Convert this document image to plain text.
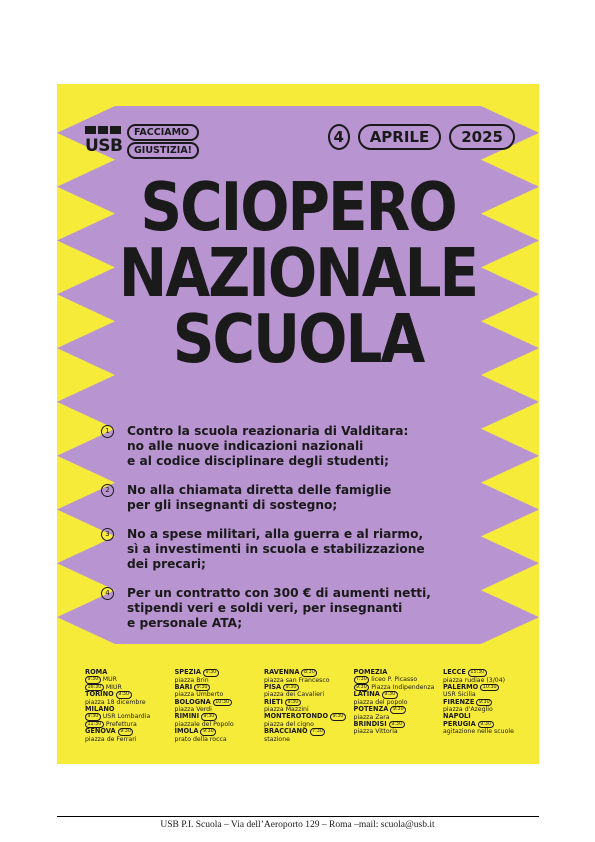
USB
FACCIAMO
GIUSTIZIA!
4	APRILE	2025
SCIOPERO
NAZIONALE
SCUOLA
1	Contro la scuola reazionaria di Valditara:
no alle nuove indicazioni nazionali
e al codice disciplinare degli studenti;
2	No alla chiamata diretta delle famiglie
per gli insegnanti di sostegno;
3	No a spese militari, alla guerra e al riarmo,
sì a investimenti in scuola e stabilizzazione
dei precari;
4	Per un contratto con 300 € di aumenti netti,
stipendi veri e soldi veri, per insegnanti
e personale ATA;
ROMA
9:30 MUR
16:30 MIUR
TORINO 9:30
piazza 18 dicembre
MILANO
9:30 USR Lombardia
11:30 Prefettura
GENOVA 9:30
piazza de Ferrari
SPEZIA 9:30
piazza Brin
BARI 9:30
piazza Umberto
BOLOGNA 10:30
piazza Verdi
RIMINI 9:30
piazzale del Popolo
IMOLA 9:30
prato della rocca
RAVENNA 8:30
piazza san Francesco
PISA 9:30
piazza dei Cavalieri
RIETI 9:30
piazza Mazzini
MONTEROTONDO 9:30
piazza del cigno
BRACCIANO 7:30
stazione
POMEZIA
7:30 liceo P. Picasso
9:30 Piazza Indipendenza
LATINA 9:30
piazza del popolo
POTENZA 9:30
piazza Zara
BRINDISI 9:30
piazza Vittoria
LECCE 15:30
piazza rudiae (3/04)
PALERMO 10:30
USR Sicilia
FIRENZE 9:30
piazza d'Azeglio
NAPOLI
PERUGIA 9:30
agitazione nelle scuole
USB P.I. Scuola – Via dell’Aeroporto 129 – Roma –mail: scuola@usb.it
